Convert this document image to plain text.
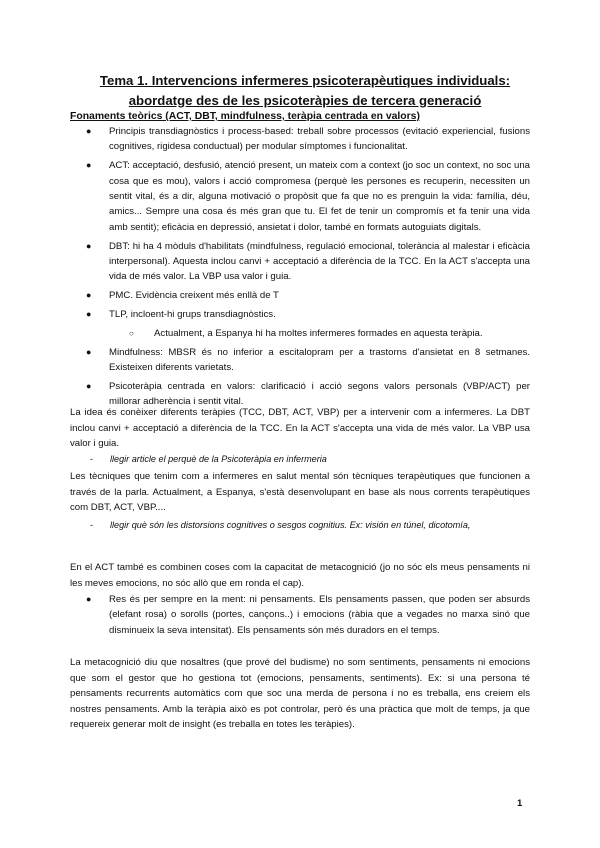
Tema 1. Intervencions infermeres psicoterapèutiques individuals: abordatge des de les psicoteràpies de tercera generació
Fonaments teòrics (ACT, DBT, mindfulness, teràpia centrada en valors)
● Principis transdiagnòstics i process-based: treball sobre processos (evitació experiencial, fusions cognitives, rigidesa conductual) per modular símptomes i funcionalitat.
● ACT: acceptació, desfusió, atenció present, un mateix com a context (jo soc un context, no soc una cosa que es mou), valors i acció compromesa (perquè les persones es recuperin, necessiten un sentit vital, és a dir, alguna motivació o propòsit que fa que no es prenguin la vida: família, déu, amics... Sempre una cosa és més gran que tu. El fet de tenir un compromís et fa tenir una vida amb sentit); eficàcia en depressió, ansietat i dolor, també en formats autoguiats digitals.
● DBT: hi ha 4 mòduls d'habilitats (mindfulness, regulació emocional, tolerància al malestar i eficàcia interpersonal). Aquesta inclou canvi + acceptació a diferència de la TCC. En la ACT s'accepta una vida de més valor. La VBP usa valor i guia.
● PMC. Evidència creixent més enllà de T
● TLP, incloent-hi grups transdiagnòstics.
○ Actualment, a Espanya hi ha moltes infermeres formades en aquesta teràpia.
● Mindfulness: MBSR és no inferior a escitalopram per a trastorns d'ansietat en 8 setmanes. Existeixen diferents varietats.
● Psicoteràpia centrada en valors: clarificació i acció segons valors personals (VBP/ACT) per millorar adherència i sentit vital.

La idea és conèixer diferents teràpies (TCC, DBT, ACT, VBP) per a intervenir com a infermeres. La DBT inclou canvi + acceptació a diferència de la TCC. En la ACT s'accepta una vida de més valor. La VBP usa valor i guia.

- llegir article el perquè de la Psicoteràpia en infermeria

Les tècniques que tenim com a infermeres en salut mental són tècniques terapèutiques que funcionen a través de la parla. Actualment, a Espanya, s'està desenvolupant en base als nous corrents terapèutiques com DBT, ACT, VBP....

- llegir què són les distorsions cognitives o sesgos cognitius. Ex: visión en túnel, dicotomía,

En el ACT també es combinen coses com la capacitat de metacognició (jo no sóc els meus pensaments ni les meves emocions, no sóc allò que em ronda el cap).

● Res és per sempre en la ment: ni pensaments. Els pensaments passen, que poden ser absurds (elefant rosa) o sorolls (portes, cançons..) i emocions (ràbia que a vegades no marxa sinó que disminueix la seva intensitat). Els pensaments són més duradors en el temps.

La metacognició diu que nosaltres (que prové del budisme) no som sentiments, pensaments ni emocions que som el gestor que ho gestiona tot (emocions, pensaments, sentiments). Ex: si una persona té pensaments recurrents automàtics com que soc una merda de persona i no es treballa, ens creiem els nostres pensaments. Amb la teràpia això es pot controlar, però és una pràctica que molt de temps, ja que requereix generar molt de insight (es treballa en totes les teràpies).

1
